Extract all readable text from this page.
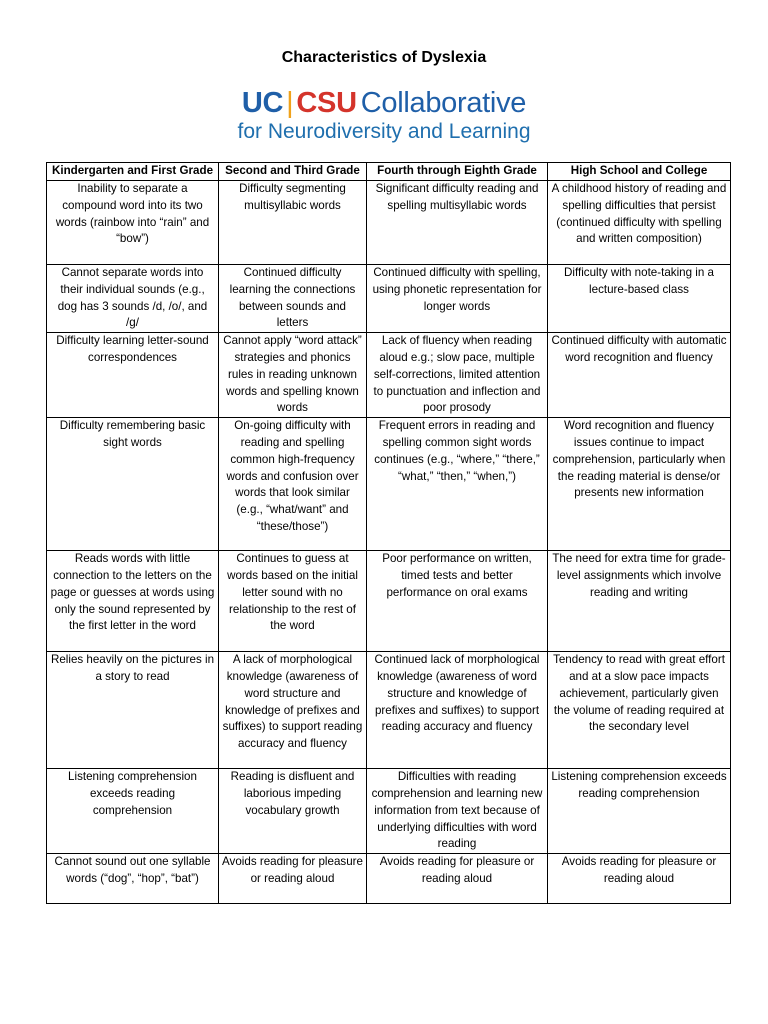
Characteristics of Dyslexia
UC | CSU Collaborative
for Neurodiversity and Learning
Kindergarten and First Grade	Second and Third Grade	Fourth through Eighth Grade	High School and College
Inability to separate a compound word into its two words (rainbow into “rain” and “bow”)	Difficulty segmenting multisyllabic words	Significant difficulty reading and spelling multisyllabic words	A childhood history of reading and spelling difficulties that persist (continued difficulty with spelling and written composition)
Cannot separate words into their individual sounds (e.g., dog has 3 sounds /d, /o/, and /g/	Continued difficulty learning the connections between sounds and letters	Continued difficulty with spelling, using phonetic representation for longer words	Difficulty with note-taking in a lecture-based class
Difficulty learning letter-sound correspondences	Cannot apply “word attack” strategies and phonics rules in reading unknown words and spelling known words	Lack of fluency when reading aloud e.g.; slow pace, multiple self-corrections, limited attention to punctuation and inflection and poor prosody	Continued difficulty with automatic word recognition and fluency
Difficulty remembering basic sight words	On-going difficulty with reading and spelling common high-frequency words and confusion over words that look similar (e.g., “what/want” and “these/those”)	Frequent errors in reading and spelling common sight words continues (e.g., “where,” “there,” “what,” “then,” “when,”)	Word recognition and fluency issues continue to impact comprehension, particularly when the reading material is dense/or presents new information
Reads words with little connection to the letters on the page or guesses at words using only the sound represented by the first letter in the word	Continues to guess at words based on the initial letter sound with no relationship to the rest of the word	Poor performance on written, timed tests and better performance on oral exams	The need for extra time for grade-level assignments which involve reading and writing
Relies heavily on the pictures in a story to read	A lack of morphological knowledge (awareness of word structure and knowledge of prefixes and suffixes) to support reading accuracy and fluency	Continued lack of morphological knowledge (awareness of word structure and knowledge of prefixes and suffixes) to support reading accuracy and fluency	Tendency to read with great effort and at a slow pace impacts achievement, particularly given the volume of reading required at the secondary level
Listening comprehension exceeds reading comprehension	Reading is disfluent and laborious impeding vocabulary growth	Difficulties with reading comprehension and learning new information from text because of underlying difficulties with word reading	Listening comprehension exceeds reading comprehension
Cannot sound out one syllable words (“dog”, “hop”, “bat”)	Avoids reading for pleasure or reading aloud	Avoids reading for pleasure or reading aloud	Avoids reading for pleasure or reading aloud
